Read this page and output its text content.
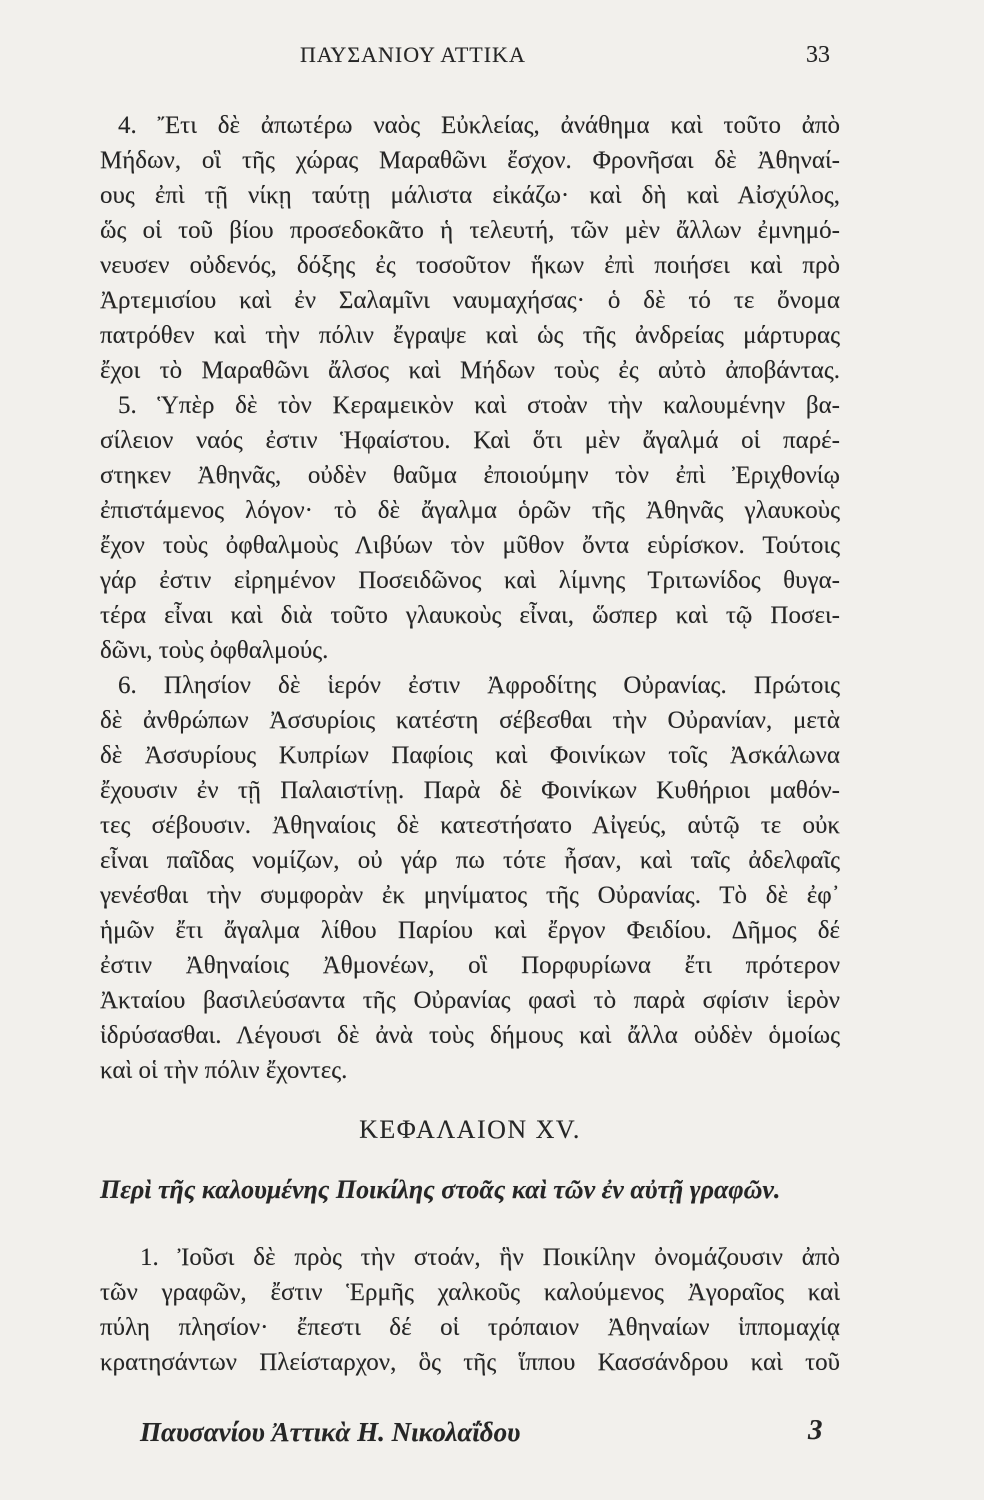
ΠΑΥΣΑΝΙΟΥ ΑΤΤΙΚΑ	33
4. Ἔτι δὲ ἀπωτέρω ναὸς Εὐκλείας, ἀνάθημα καὶ τοῦτο ἀπὸ
Μήδων, οἳ τῆς χώρας Μαραθῶνι ἔσχον. Φρονῆσαι δὲ Ἀθηναί-
ους ἐπὶ τῇ νίκῃ ταύτῃ μάλιστα εἰκάζω· καὶ δὴ καὶ Αἰσχύλος,
ὥς οἱ τοῦ βίου προσεδοκᾶτο ἡ τελευτή, τῶν μὲν ἄλλων ἐμνημό-
νευσεν οὐδενός, δόξης ἐς τοσοῦτον ἥκων ἐπὶ ποιήσει καὶ πρὸ
Ἀρτεμισίου καὶ ἐν Σαλαμῖνι ναυμαχήσας· ὁ δὲ τό τε ὄνομα
πατρόθεν καὶ τὴν πόλιν ἔγραψε καὶ ὡς τῆς ἀνδρείας μάρτυρας
ἔχοι τὸ Μαραθῶνι ἄλσος καὶ Μήδων τοὺς ἐς αὐτὸ ἀποβάντας.
5. Ὑπὲρ δὲ τὸν Κεραμεικὸν καὶ στοὰν τὴν καλουμένην βα-
σίλειον ναός ἐστιν Ἡφαίστου. Καὶ ὅτι μὲν ἄγαλμά οἱ παρέ-
στηκεν Ἀθηνᾶς, οὐδὲν θαῦμα ἐποιούμην τὸν ἐπὶ Ἐριχθονίῳ
ἐπιστάμενος λόγον· τὸ δὲ ἄγαλμα ὁρῶν τῆς Ἀθηνᾶς γλαυκοὺς
ἔχον τοὺς ὀφθαλμοὺς Λιβύων τὸν μῦθον ὄντα εὑρίσκον. Τούτοις
γάρ ἐστιν εἰρημένον Ποσειδῶνος καὶ λίμνης Τριτωνίδος θυγα-
τέρα εἶναι καὶ διὰ τοῦτο γλαυκοὺς εἶναι, ὥσπερ καὶ τῷ Ποσει-
δῶνι, τοὺς ὀφθαλμούς.
6. Πλησίον δὲ ἱερόν ἐστιν Ἀφροδίτης Οὐρανίας. Πρώτοις
δὲ ἀνθρώπων Ἀσσυρίοις κατέστη σέβεσθαι τὴν Οὐρανίαν, μετὰ
δὲ Ἀσσυρίους Κυπρίων Παφίοις καὶ Φοινίκων τοῖς Ἀσκάλωνα
ἔχουσιν ἐν τῇ Παλαιστίνῃ. Παρὰ δὲ Φοινίκων Κυθήριοι μαθόν-
τες σέβουσιν. Ἀθηναίοις δὲ κατεστήσατο Αἰγεύς, αὑτῷ τε οὐκ
εἶναι παῖδας νομίζων, οὐ γάρ πω τότε ἦσαν, καὶ ταῖς ἀδελφαῖς
γενέσθαι τὴν συμφορὰν ἐκ μηνίματος τῆς Οὐρανίας. Τὸ δὲ ἐφ᾽
ἡμῶν ἔτι ἄγαλμα λίθου Παρίου καὶ ἔργον Φειδίου. Δῆμος δέ
ἐστιν Ἀθηναίοις Ἀθμονέων, οἳ Πορφυρίωνα ἔτι πρότερον
Ἀκταίου βασιλεύσαντα τῆς Οὐρανίας φασὶ τὸ παρὰ σφίσιν ἱερὸν
ἱδρύσασθαι. Λέγουσι δὲ ἀνὰ τοὺς δήμους καὶ ἄλλα οὐδὲν ὁμοίως
καὶ οἱ τὴν πόλιν ἔχοντες.
ΚΕΦΑΛΑΙΟΝ XV.
Περὶ τῆς καλουμένης Ποικίλης στοᾶς καὶ τῶν ἐν αὐτῇ γραφῶν.
1. Ἰοῦσι δὲ πρὸς τὴν στοάν, ἣν Ποικίλην ὀνομάζουσιν ἀπὸ
τῶν γραφῶν, ἔστιν Ἑρμῆς χαλκοῦς καλούμενος Ἀγοραῖος καὶ
πύλη πλησίον· ἔπεστι δέ οἱ τρόπαιον Ἀθηναίων ἱππομαχίᾳ
κρατησάντων Πλείσταρχον, ὃς τῆς ἵππου Κασσάνδρου καὶ τοῦ
Παυσανίου Ἀττικὰ Η. Νικολαΐδου	3
